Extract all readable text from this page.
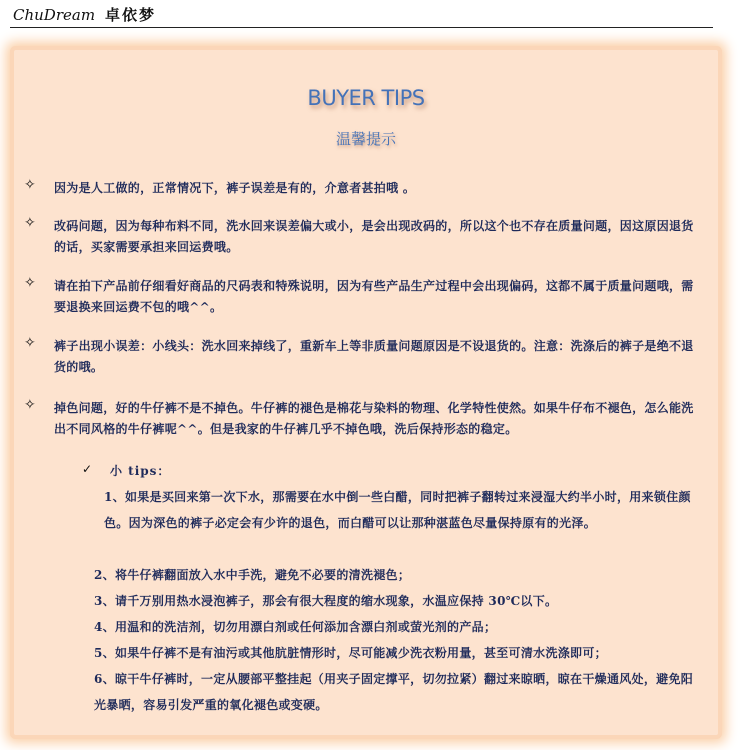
ChuDream 卓依梦
BUYER TIPS
温馨提示
✧ 因为是人工做的，正常情况下，裤子误差是有的，介意者甚拍哦 。
✧ 改码问题，因为每种布料不同，洗水回来误差偏大或小，是会出现改码的，所以这个也不存在质量问题，因这原因退货的话，买家需要承担来回运费哦。
✧ 请在拍下产品前仔细看好商品的尺码表和特殊说明，因为有些产品生产过程中会出现偏码，这都不属于质量问题哦，需要退换来回运费不包的哦^^。
✧ 裤子出现小误差：小线头：洗水回来掉线了，重新车上等非质量问题原因是不设退货的。注意：洗涤后的裤子是绝不退货的哦。
✧ 掉色问题，好的牛仔裤不是不掉色。牛仔裤的褪色是棉花与染料的物理、化学特性使然。如果牛仔布不褪色，怎么能洗出不同风格的牛仔裤呢^^。但是我家的牛仔裤几乎不掉色哦，洗后保持形态的稳定。
✓ 小 tips：
1、如果是买回来第一次下水，那需要在水中倒一些白醋，同时把裤子翻转过来浸湿大约半小时，用来锁住颜色。因为深色的裤子必定会有少许的退色，而白醋可以让那种湛蓝色尽量保持原有的光泽。
2、将牛仔裤翻面放入水中手洗，避免不必要的清洗褪色；
3、请千万别用热水浸泡裤子，那会有很大程度的缩水现象，水温应保持 30℃以下。
4、用温和的洗洁剂，切勿用漂白剂或任何添加含漂白剂或萤光剂的产品；
5、如果牛仔裤不是有油污或其他肮脏情形时，尽可能减少洗衣粉用量，甚至可清水洗涤即可；
6、晾干牛仔裤时，一定从腰部平整挂起（用夹子固定撑平，切勿拉紧）翻过来晾晒，晾在干燥通风处，避免阳光暴晒，容易引发严重的氧化褪色或变硬。
